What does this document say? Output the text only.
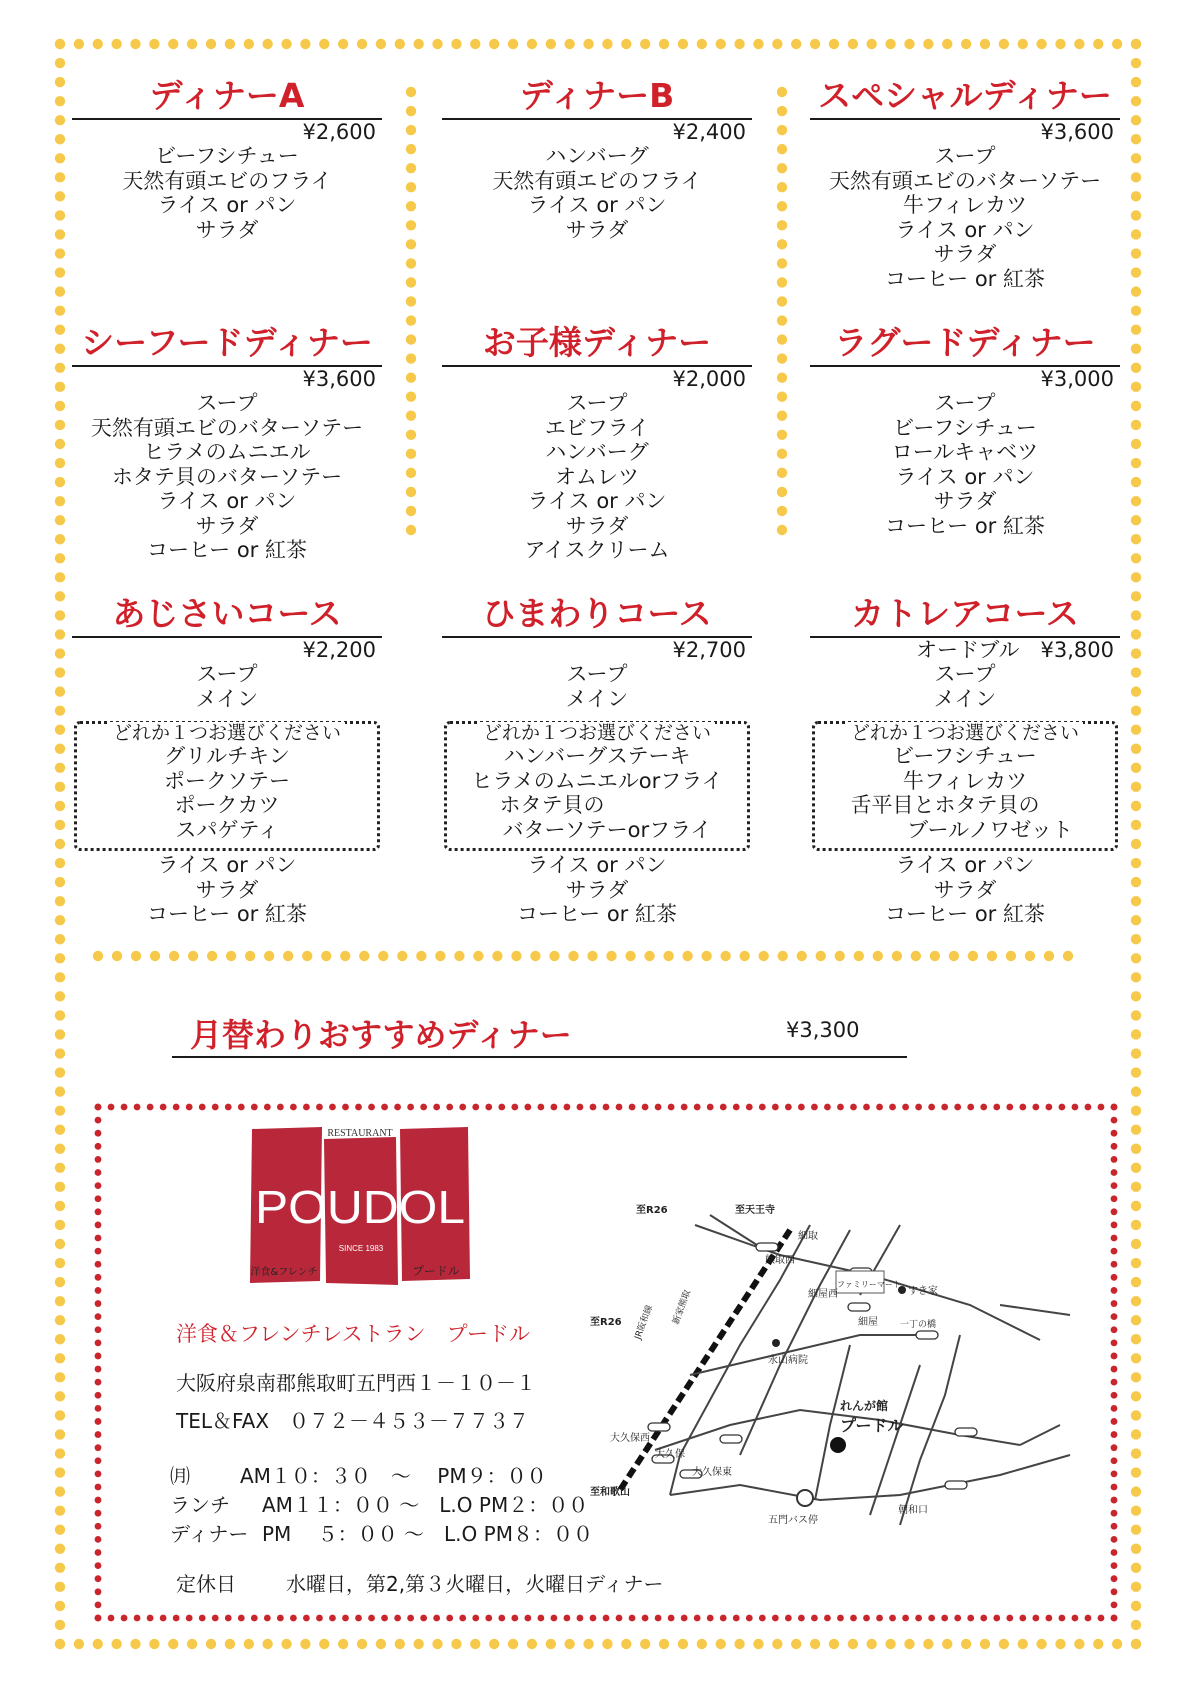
ディナーA
¥2,600
ビーフシチュー
天然有頭エビのフライ
ライス or パン
サラダ
ディナーB
¥2,400
ハンバーグ
天然有頭エビのフライ
ライス or パン
サラダ
スペシャルディナー
¥3,600
スープ
天然有頭エビのバターソテー
牛フィレカツ
ライス or パン
サラダ
コーヒー or 紅茶
シーフードディナー
¥3,600
スープ
天然有頭エビのバターソテー
ヒラメのムニエル
ホタテ貝のバターソテー
ライス or パン
サラダ
コーヒー or 紅茶
お子様ディナー
¥2,000
スープ
エビフライ
ハンバーグ
オムレツ
ライス or パン
サラダ
アイスクリーム
ラグードディナー
¥3,000
スープ
ビーフシチュー
ロールキャベツ
ライス or パン
サラダ
コーヒー or 紅茶
あじさいコース
¥2,200
スープ
メイン
どれか１つお選びください
グリルチキン
ポークソテー
ポークカツ
スパゲティ
ライス or パン
サラダ
コーヒー or 紅茶
ひまわりコース
¥2,700
スープ
メイン
どれか１つお選びください
ハンバーグステーキ
ヒラメのムニエルorフライ
ホタテ貝の
バターソテーorフライ
ライス or パン
サラダ
コーヒー or 紅茶
カトレアコース
オードブル　 ¥3,800
スープ
メイン
どれか１つお選びください
ビーフシチュー
牛フィレカツ
舌平目とホタテ貝の
ブールノワゼット
ライス or パン
サラダ
コーヒー or 紅茶
月替わりおすすめディナー	¥3,300
RESTAURANT
POUDOL
SINCE 1983
洋食&フレンチ	プードル
洋食＆フレンチレストラン　プードル
大阪府泉南郡熊取町五門西１－１０－１
TEL＆FAX　０７２－４５３－７７３７
㈪	AM１０：３０　～　 PM９：００
ランチ AM１１：００ ～　L.O PM２：００
ディナー PM　 ５：００ ～　L.O PM８：００
定休日	水曜日，第2,第３火曜日，火曜日ディナー
至R26	至天王寺
細取
熊取西
ファミリーマート
すき家
細屋西
細屋
永山病院
一丁の橋
至R26
至和歌山
大久保西
大久保
大久保東
五門バス停
朝和口
JR阪和線 新家熊取
れんが館
プードル
